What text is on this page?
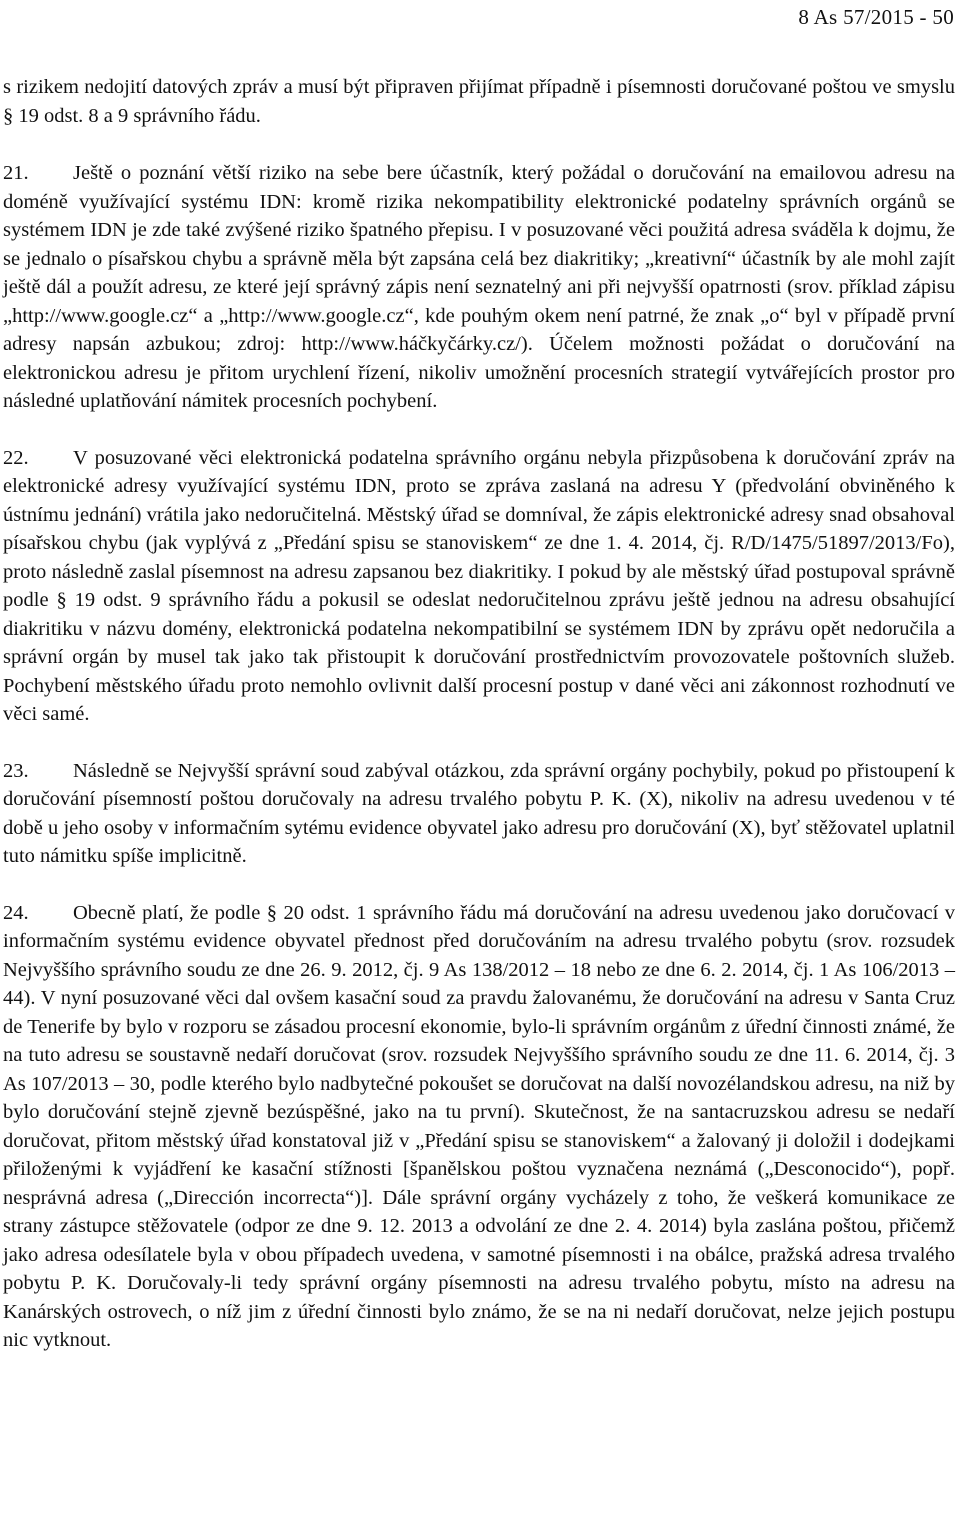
8 As 57/2015 - 50

s rizikem nedojití datových zpráv a musí být připraven přijímat případně i písemnosti doručované poštou ve smyslu § 19 odst. 8 a 9 správního řádu.

21. Ještě o poznání větší riziko na sebe bere účastník, který požádal o doručování na emailovou adresu na doméně využívající systému IDN: kromě rizika nekompatibility elektronické podatelny správních orgánů se systémem IDN je zde také zvýšené riziko špatného přepisu. I v posuzované věci použitá adresa sváděla k dojmu, že se jednalo o písařskou chybu a správně měla být zapsána celá bez diakritiky; „kreativní“ účastník by ale mohl zajít ještě dál a použít adresu, ze které její správný zápis není seznatelný ani při nejvyšší opatrnosti (srov. příklad zápisu „http://www.gооgle.cz“ a „http://www.google.cz“, kde pouhým okem není patrné, že znak „о“ byl v případě první adresy napsán azbukou; zdroj: http://www.háčkyčárky.cz/). Účelem možnosti požádat o doručování na elektronickou adresu je přitom urychlení řízení, nikoliv umožnění procesních strategií vytvářejících prostor pro následné uplatňování námitek procesních pochybení.

22. V posuzované věci elektronická podatelna správního orgánu nebyla přizpůsobena k doručování zpráv na elektronické adresy využívající systému IDN, proto se zpráva zaslaná na adresu Y (předvolání obviněného k ústnímu jednání) vrátila jako nedoručitelná. Městský úřad se domníval, že zápis elektronické adresy snad obsahoval písařskou chybu (jak vyplývá z „Předání spisu se stanoviskem“ ze dne 1. 4. 2014, čj. R/D/1475/51897/2013/Fo), proto následně zaslal písemnost na adresu zapsanou bez diakritiky. I pokud by ale městský úřad postupoval správně podle § 19 odst. 9 správního řádu a pokusil se odeslat nedoručitelnou zprávu ještě jednou na adresu obsahující diakritiku v názvu domény, elektronická podatelna nekompatibilní se systémem IDN by zprávu opět nedoručila a správní orgán by musel tak jako tak přistoupit k doručování prostřednictvím provozovatele poštovních služeb. Pochybení městského úřadu proto nemohlo ovlivnit další procesní postup v dané věci ani zákonnost rozhodnutí ve věci samé.

23. Následně se Nejvyšší správní soud zabýval otázkou, zda správní orgány pochybily, pokud po přistoupení k doručování písemností poštou doručovaly na adresu trvalého pobytu P. K. (X), nikoliv na adresu uvedenou v té době u jeho osoby v informačním sytému evidence obyvatel jako adresu pro doručování (X), byť stěžovatel uplatnil tuto námitku spíše implicitně.

24. Obecně platí, že podle § 20 odst. 1 správního řádu má doručování na adresu uvedenou jako doručovací v informačním systému evidence obyvatel přednost před doručováním na adresu trvalého pobytu (srov. rozsudek Nejvyššího správního soudu ze dne 26. 9. 2012, čj. 9 As 138/2012 – 18 nebo ze dne 6. 2. 2014, čj. 1 As 106/2013 – 44). V nyní posuzované věci dal ovšem kasační soud za pravdu žalovanému, že doručování na adresu v Santa Cruz de Tenerife by bylo v rozporu se zásadou procesní ekonomie, bylo-li správním orgánům z úřední činnosti známé, že na tuto adresu se soustavně nedaří doručovat (srov. rozsudek Nejvyššího správního soudu ze dne 11. 6. 2014, čj. 3 As 107/2013 – 30, podle kterého bylo nadbytečné pokoušet se doručovat na další novozélandskou adresu, na niž by bylo doručování stejně zjevně bezúspěšné, jako na tu první). Skutečnost, že na santacruzskou adresu se nedaří doručovat, přitom městský úřad konstatoval již v „Předání spisu se stanoviskem“ a žalovaný ji doložil i dodejkami přiloženými k vyjádření ke kasační stížnosti [španělskou poštou vyznačena neznámá („Desconocido“), popř. nesprávná adresa („Dirección incorrecta“)]. Dále správní orgány vycházely z toho, že veškerá komunikace ze strany zástupce stěžovatele (odpor ze dne 9. 12. 2013 a odvolání ze dne 2. 4. 2014) byla zaslána poštou, přičemž jako adresa odesílatele byla v obou případech uvedena, v samotné písemnosti i na obálce, pražská adresa trvalého pobytu P. K. Doručovaly-li tedy správní orgány písemnosti na adresu trvalého pobytu, místo na adresu na Kanárských ostrovech, o níž jim z úřední činnosti bylo známo, že se na ni nedaří doručovat, nelze jejich postupu nic vytknout.
